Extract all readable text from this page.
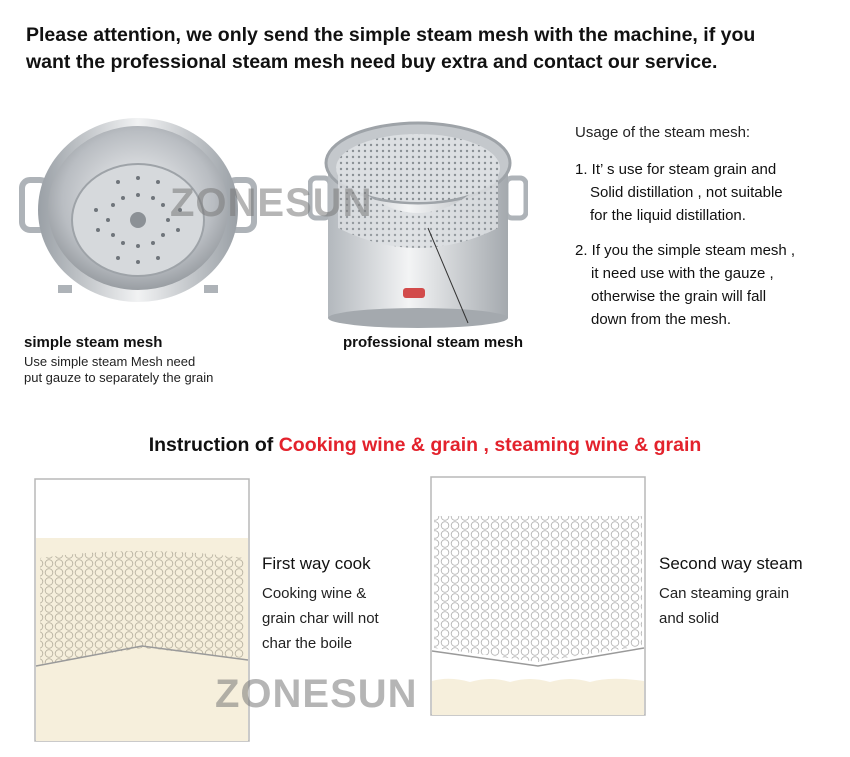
Please attention, we only send the simple steam mesh with the machine, if you
want the professional steam mesh need buy extra and contact our service.
simple steam mesh
Use simple steam Mesh need
put gauze to separately the grain
professional steam mesh
Usage of the steam mesh:
1. It’ s use for steam grain and
Solid distillation , not suitable
for the liquid distillation.
2. If you the simple steam mesh ,
it need use with the gauze ,
otherwise the grain will fall
down from the mesh.
Instruction of Cooking wine & grain , steaming wine & grain
First way cook
Cooking wine &
grain char will not
char the boile
Second way steam
Can steaming grain
and solid
ZONESUN
ZONESUN
